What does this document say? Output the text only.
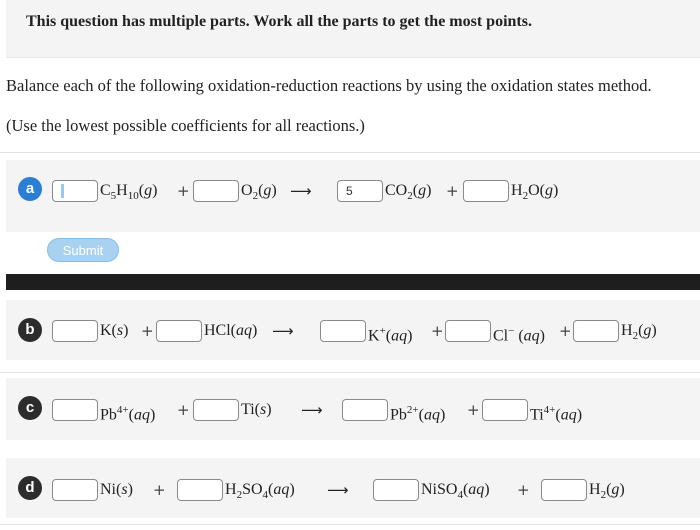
This question has multiple parts. Work all the parts to get the most points.
Balance each of the following oxidation-reduction reactions by using the oxidation states method.
(Use the lowest possible coefficients for all reactions.)
a	$C_5H_{10}(g)$ +	$O_2(g)$ ⟶	5	$CO_2(g)$ +	$H_2O(g)$
Submit
b	K(s) +	HCl(aq) ⟶	K+(aq) +	Cl− (aq) +	$H_2(g)$
c	$Pb^{4+}(aq)$ +	Ti(s) ⟶	$Pb^{2+}(aq)$ +	$Ti^{4+}(aq)$
d	Ni(s) +	$H_2SO_4(aq)$ ⟶	NiSO$_4$(aq) +	$H_2(g)$
